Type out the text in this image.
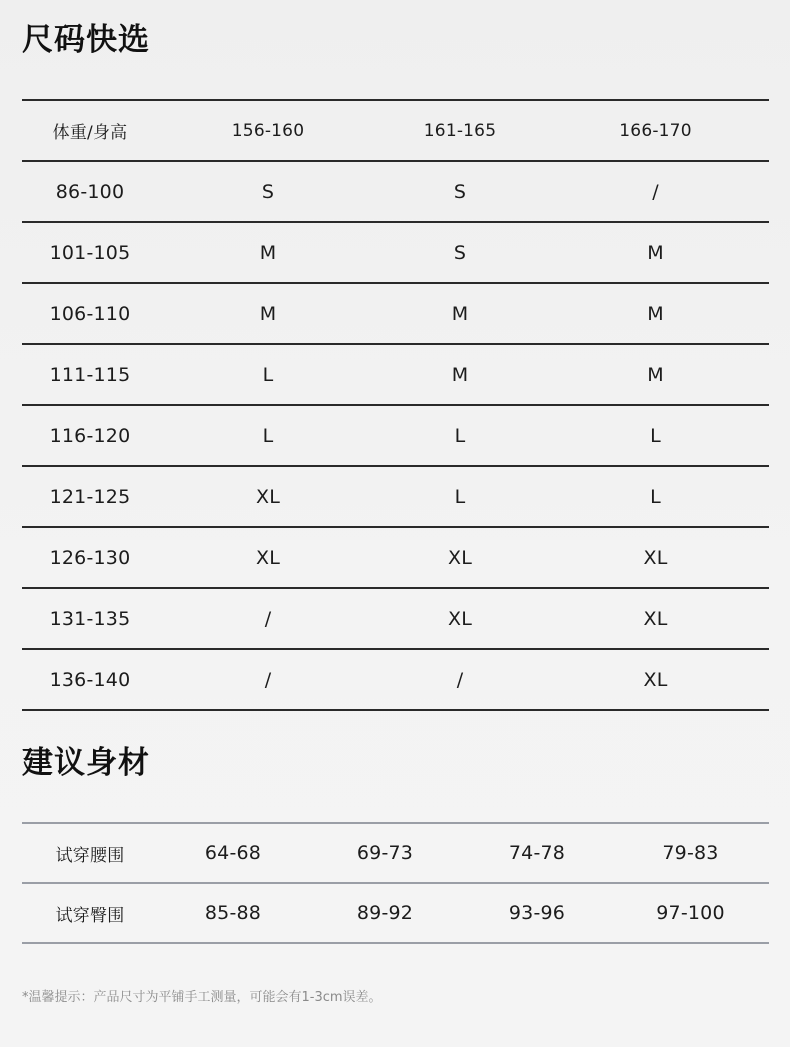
尺码快选
体重/身高	156-160	161-165	166-170
86-100	S	S	/
101-105	M	S	M
106-110	M	M	M
111-115	L	M	M
116-120	L	L	L
121-125	XL	L	L
126-130	XL	XL	XL
131-135	/	XL	XL
136-140	/	/	XL
建议身材
试穿腰围	64-68	69-73	74-78	79-83
试穿臀围	85-88	89-92	93-96	97-100

*温馨提示：产品尺寸为平铺手工测量，可能会有1-3cm误差。
